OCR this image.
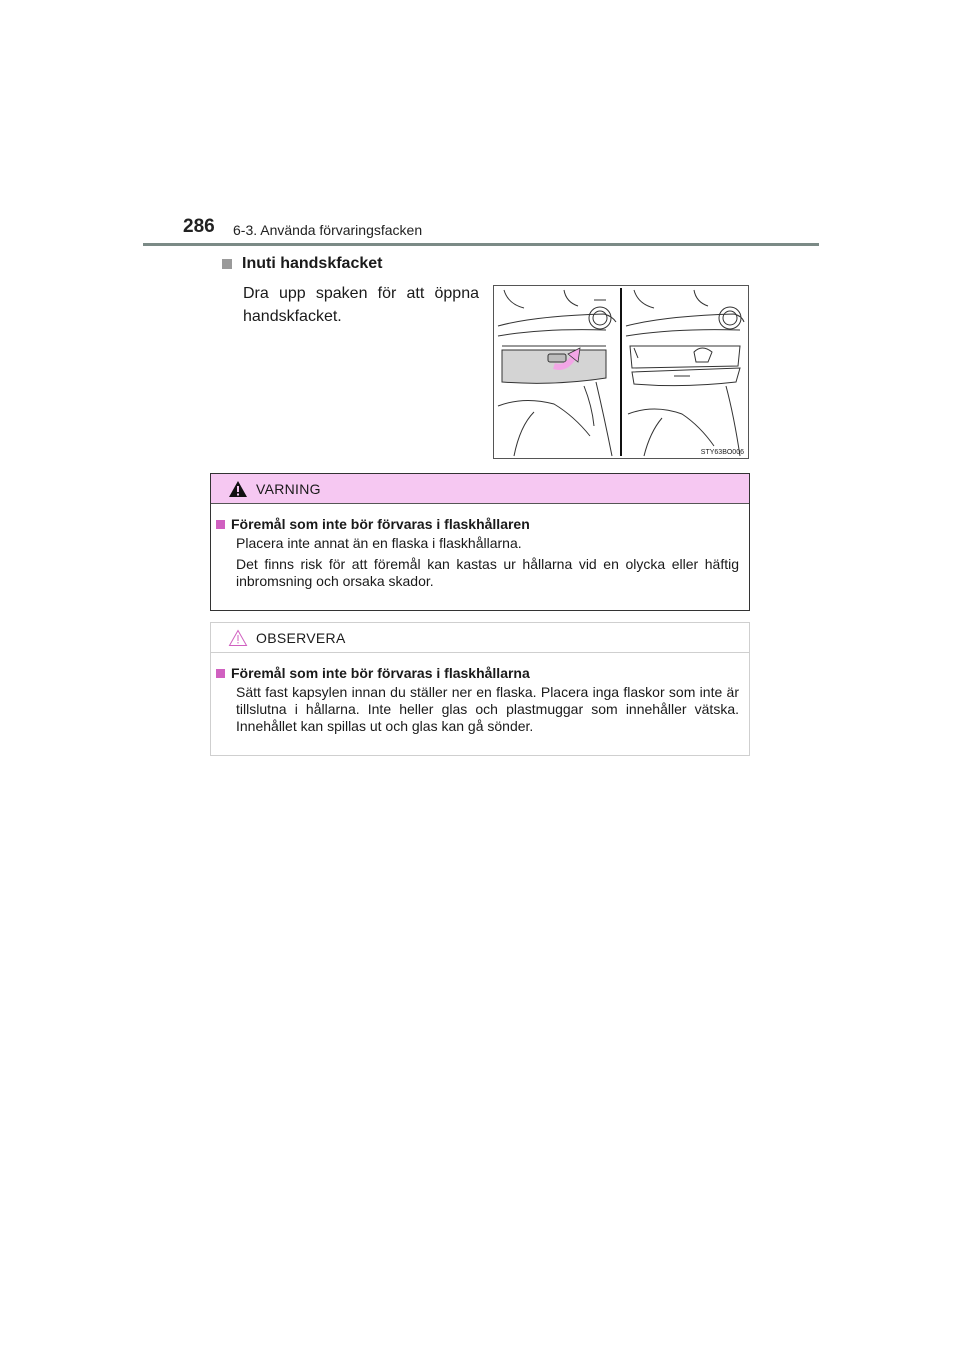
286 6-3. Använda förvaringsfacken
Inuti handskfacket
Dra upp spaken för att öppna handskfacket.
STY63BO006
VARNING
Föremål som inte bör förvaras i flaskhållaren
Placera inte annat än en flaska i flaskhållarna.
Det finns risk för att föremål kan kastas ur hållarna vid en olycka eller häftig inbromsning och orsaka skador.
OBSERVERA
Föremål som inte bör förvaras i flaskhållarna
Sätt fast kapsylen innan du ställer ner en flaska. Placera inga flaskor som inte är tillslutna i hållarna. Inte heller glas och plastmuggar som innehåller vätska. Innehållet kan spillas ut och glas kan gå sönder.
